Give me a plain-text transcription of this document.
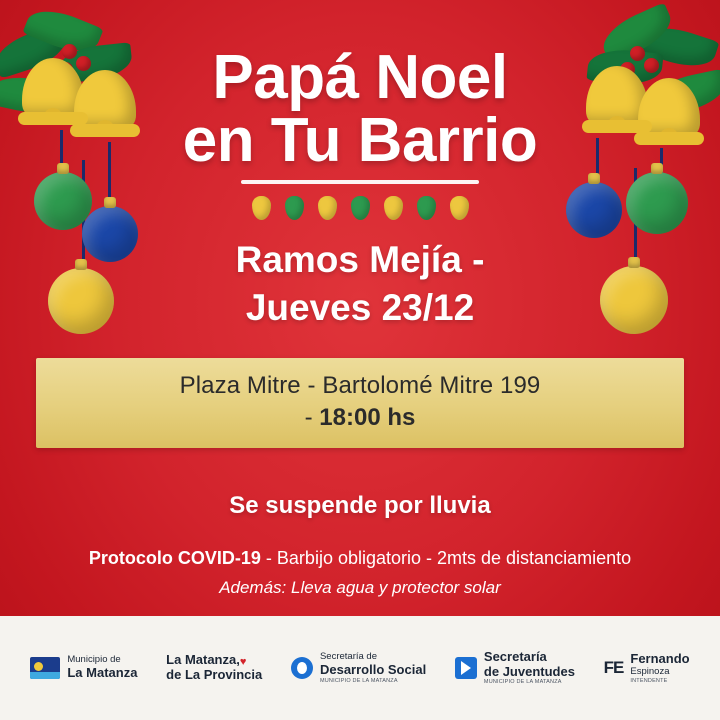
Papá Noel
en Tu Barrio
Ramos Mejía -
Jueves 23/12
Plaza Mitre - Bartolomé Mitre 199
- 18:00 hs
Se suspende por lluvia
Protocolo COVID-19 - Barbijo obligatorio - 2mts de distanciamiento
Además: Lleva agua y protector solar
Municipio de
La Matanza
La Matanza,♥
de La Provincia
Secretaría de
Desarrollo Social
MUNICIPIO DE LA MATANZA
Secretaría
de Juventudes
MUNICIPIO DE LA MATANZA
FE Fernando
Espinoza
INTENDENTE
